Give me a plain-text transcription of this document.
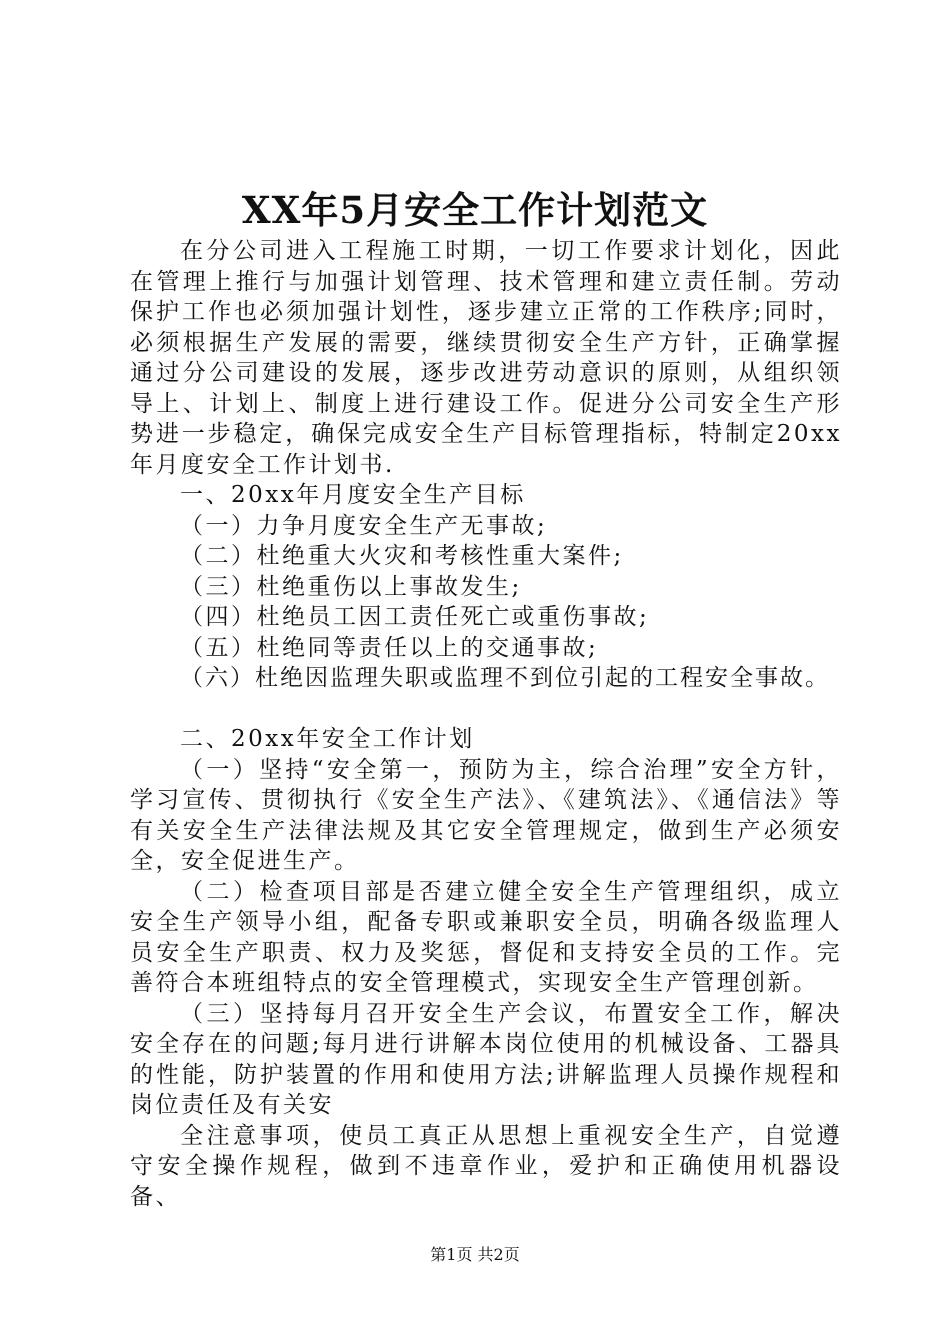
XX年5月安全工作计划范文

在分公司进入工程施工时期，一切工作要求计划化，因此在管理上推行与加强计划管理、技术管理和建立责任制。劳动保护工作也必须加强计划性，逐步建立正常的工作秩序;同时，必须根据生产发展的需要，继续贯彻安全生产方针，正确掌握通过分公司建设的发展，逐步改进劳动意识的原则，从组织领导上、计划上、制度上进行建设工作。促进分公司安全生产形势进一步稳定，确保完成安全生产目标管理指标，特制定20xx年月度安全工作计划书.

一、20xx年月度安全生产目标

（一）力争月度安全生产无事故;

（二）杜绝重大火灾和考核性重大案件;

（三）杜绝重伤以上事故发生;

（四）杜绝员工因工责任死亡或重伤事故;

（五）杜绝同等责任以上的交通事故;

（六）杜绝因监理失职或监理不到位引起的工程安全事故。

二、20xx年安全工作计划

（一）坚持“安全第一，预防为主，综合治理”安全方针，学习宣传、贯彻执行《安全生产法》、《建筑法》、《通信法》等有关安全生产法律法规及其它安全管理规定，做到生产必须安全，安全促进生产。

（二）检查项目部是否建立健全安全生产管理组织，成立安全生产领导小组，配备专职或兼职安全员，明确各级监理人员安全生产职责、权力及奖惩，督促和支持安全员的工作。完善符合本班组特点的安全管理模式，实现安全生产管理创新。

（三）坚持每月召开安全生产会议，布置安全工作，解决安全存在的问题;每月进行讲解本岗位使用的机械设备、工器具的性能，防护装置的作用和使用方法;讲解监理人员操作规程和岗位责任及有关安

全注意事项，使员工真正从思想上重视安全生产，自觉遵守安全操作规程，做到不违章作业，爱护和正确使用机器设备、

第1页 共2页
